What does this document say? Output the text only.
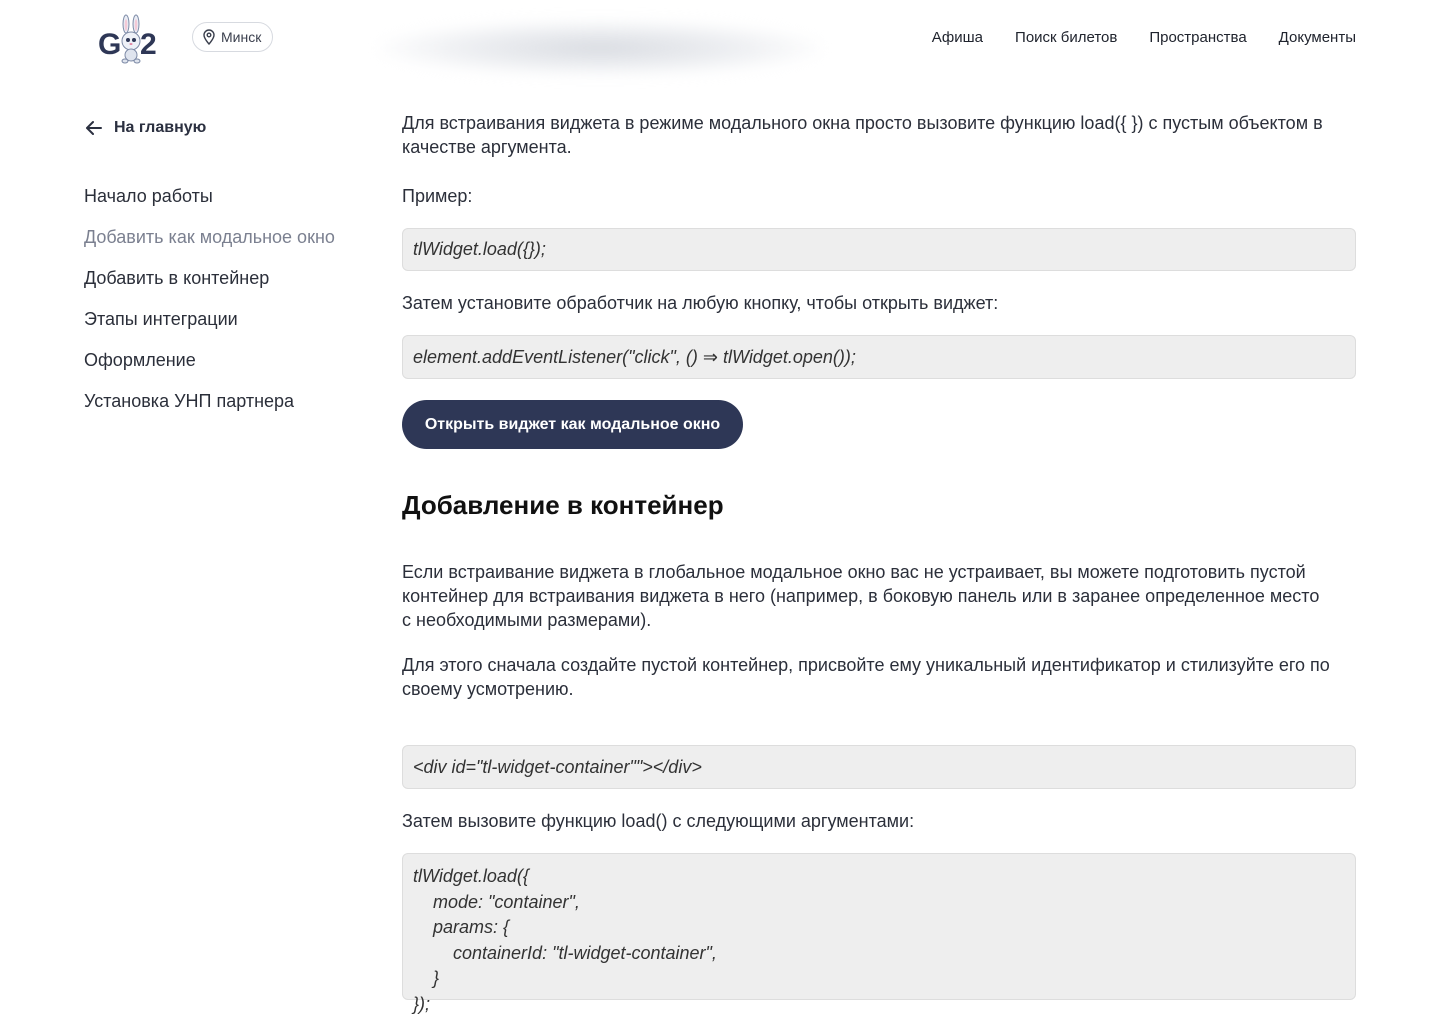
G 2	Минск	Афиша Поиск билетов Пространства Документы
На главную
Начало работы
Добавить как модальное окно
Добавить в контейнер
Этапы интеграции
Оформление
Установка УНП партнера

Для встраивания виджета в режиме модального окна просто вызовите функцию load({ }) с пустым объектом в качестве аргумента.

Пример:

tlWidget.load({});

Затем установите обработчик на любую кнопку, чтобы открыть виджет:

element.addEventListener("click", () ⇒ tlWidget.open());
Открыть виджет как модальное окно
Добавление в контейнер

Если встраивание виджета в глобальное модальное окно вас не устраивает, вы можете подготовить пустой контейнер для встраивания виджета в него (например, в боковую панель или в заранее определенное место с необходимыми размерами).

Для этого сначала создайте пустой контейнер, присвойте ему уникальный идентификатор и стилизуйте его по своему усмотрению.

<div id="tl-widget-container""></div>

Затем вызовите функцию load() с следующими аргументами:

tlWidget.load({
mode: "container",
params: {
containerId: "tl-widget-container",
}
});
